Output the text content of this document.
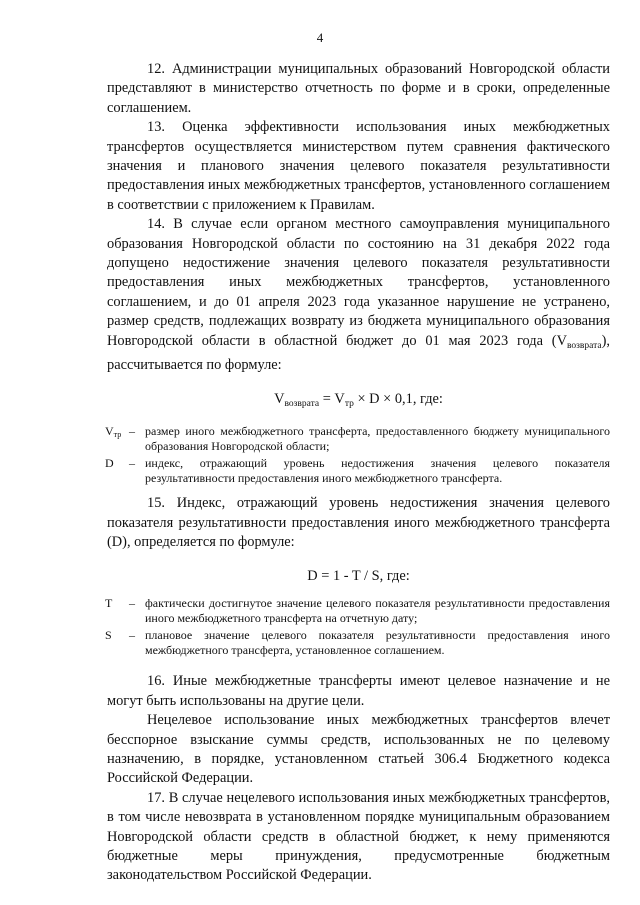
4

12. Администрации муниципальных образований Новгородской области представляют в министерство отчетность по форме и в сроки, определенные соглашением.

13. Оценка эффективности использования иных межбюджетных трансфертов осуществляется министерством путем сравнения фактического значения и планового значения целевого показателя результативности предоставления иных межбюджетных трансфертов, установленного соглашением в соответствии с приложением к Правилам.

14. В случае если органом местного самоуправления муниципального образования Новгородской области по состоянию на 31 декабря 2022 года допущено недостижение значения целевого показателя результативности предоставления иных межбюджетных трансфертов, установленного соглашением, и до 01 апреля 2023 года указанное нарушение не устранено, размер средств, подлежащих возврату из бюджета муниципального образования Новгородской области в областной бюджет до 01 мая 2023 года $(V_{возврата})$, рассчитывается по формуле:

$V_{возврата} = V_{тр} \times D \times 0,1$, где:
$V_{тр}$ – размер иного межбюджетного трансферта, предоставленного бюджету муниципального образования Новгородской области;
D	– индекс, отражающий уровень недостижения значения целевого показателя результативности предоставления иного межбюджетного трансферта.

15. Индекс, отражающий уровень недостижения значения целевого показателя результативности предоставления иного межбюджетного трансферта (D), определяется по формуле:

D = 1 - T / S, где:
T	– фактически достигнутое значение целевого показателя результативности предоставления иного межбюджетного трансферта на отчетную дату;
S	– плановое значение целевого показателя результативности предоставления иного межбюджетного трансферта, установленное соглашением.

16. Иные межбюджетные трансферты имеют целевое назначение и не могут быть использованы на другие цели.

Нецелевое использование иных межбюджетных трансфертов влечет бесспорное взыскание суммы средств, использованных не по целевому назначению, в порядке, установленном статьей 306.4 Бюджетного кодекса Российской Федерации.

17. В случае нецелевого использования иных межбюджетных трансфертов, в том числе невозврата в установленном порядке муниципальным образованием Новгородской области средств в областной бюджет, к нему применяются бюджетные меры принуждения, предусмотренные бюджетным законодательством Российской Федерации.
